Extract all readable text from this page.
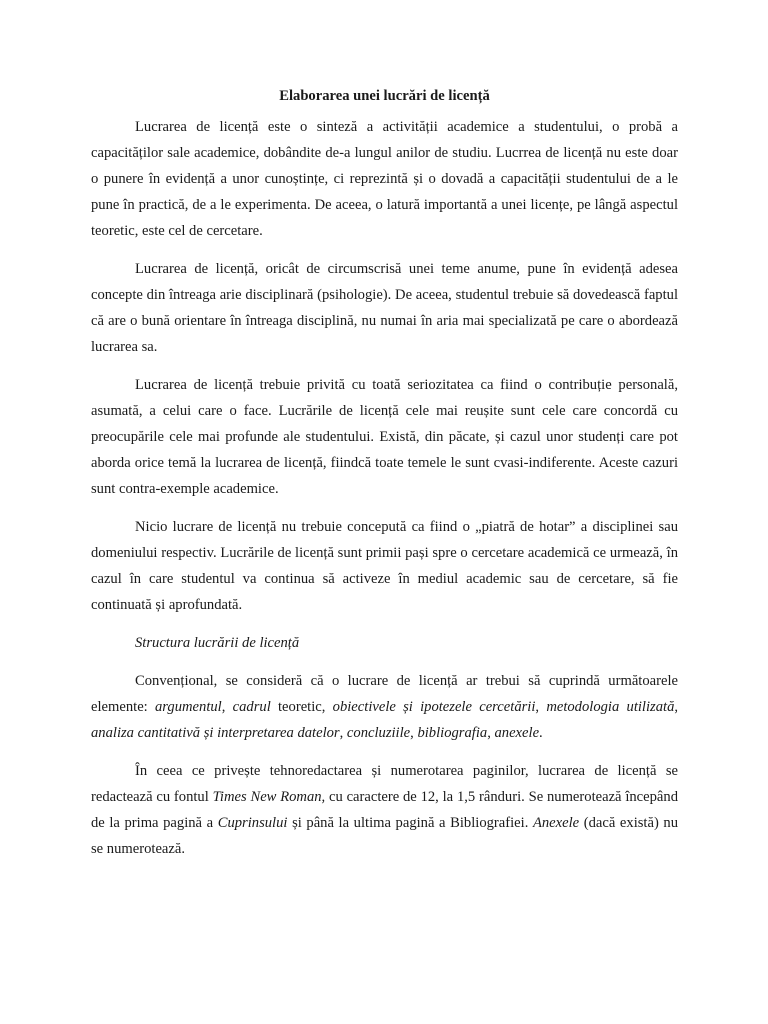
Elaborarea unei lucrări de licență

Lucrarea de licență este o sinteză a activității academice a studentului, o probă a capacităților sale academice, dobândite de-a lungul anilor de studiu. Lucrrea de licență nu este doar o punere în evidență a unor cunoștințe, ci reprezintă și o dovadă a capacității studentului de a le pune în practică, de a le experimenta. De aceea, o latură importantă a unei licențe, pe lângă aspectul teoretic, este cel de cercetare.

Lucrarea de licență, oricât de circumscrisă unei teme anume, pune în evidență adesea concepte din întreaga arie disciplinară (psihologie). De aceea, studentul trebuie să dovedească faptul că are o bună orientare în întreaga disciplină, nu numai în aria mai specializată pe care o abordează lucrarea sa.

Lucrarea de licență trebuie privită cu toată seriozitatea ca fiind o contribuție personală, asumată, a celui care o face. Lucrările de licență cele mai reușite sunt cele care concordă cu preocupările cele mai profunde ale studentului. Există, din păcate, și cazul unor studenți care pot aborda orice temă la lucrarea de licență, fiindcă toate temele le sunt cvasi-indiferente. Aceste cazuri sunt contra-exemple academice.

Nicio lucrare de licență nu trebuie concepută ca fiind o „piatră de hotar” a disciplinei sau domeniului respectiv. Lucrările de licență sunt primii pași spre o cercetare academică ce urmează, în cazul în care studentul va continua să activeze în mediul academic sau de cercetare, să fie continuată și aprofundată.

Structura lucrării de licență

Convențional, se consideră că o lucrare de licență ar trebui să cuprindă următoarele elemente: argumentul, cadrul teoretic, obiectivele și ipotezele cercetării, metodologia utilizată, analiza cantitativă și interpretarea datelor, concluziile, bibliografia, anexele.

În ceea ce privește tehnoredactarea și numerotarea paginilor, lucrarea de licență se redactează cu fontul Times New Roman, cu caractere de 12, la 1,5 rânduri. Se numerotează începând de la prima pagină a Cuprinsului și până la ultima pagină a Bibliografiei. Anexele (dacă există) nu se numerotează.
